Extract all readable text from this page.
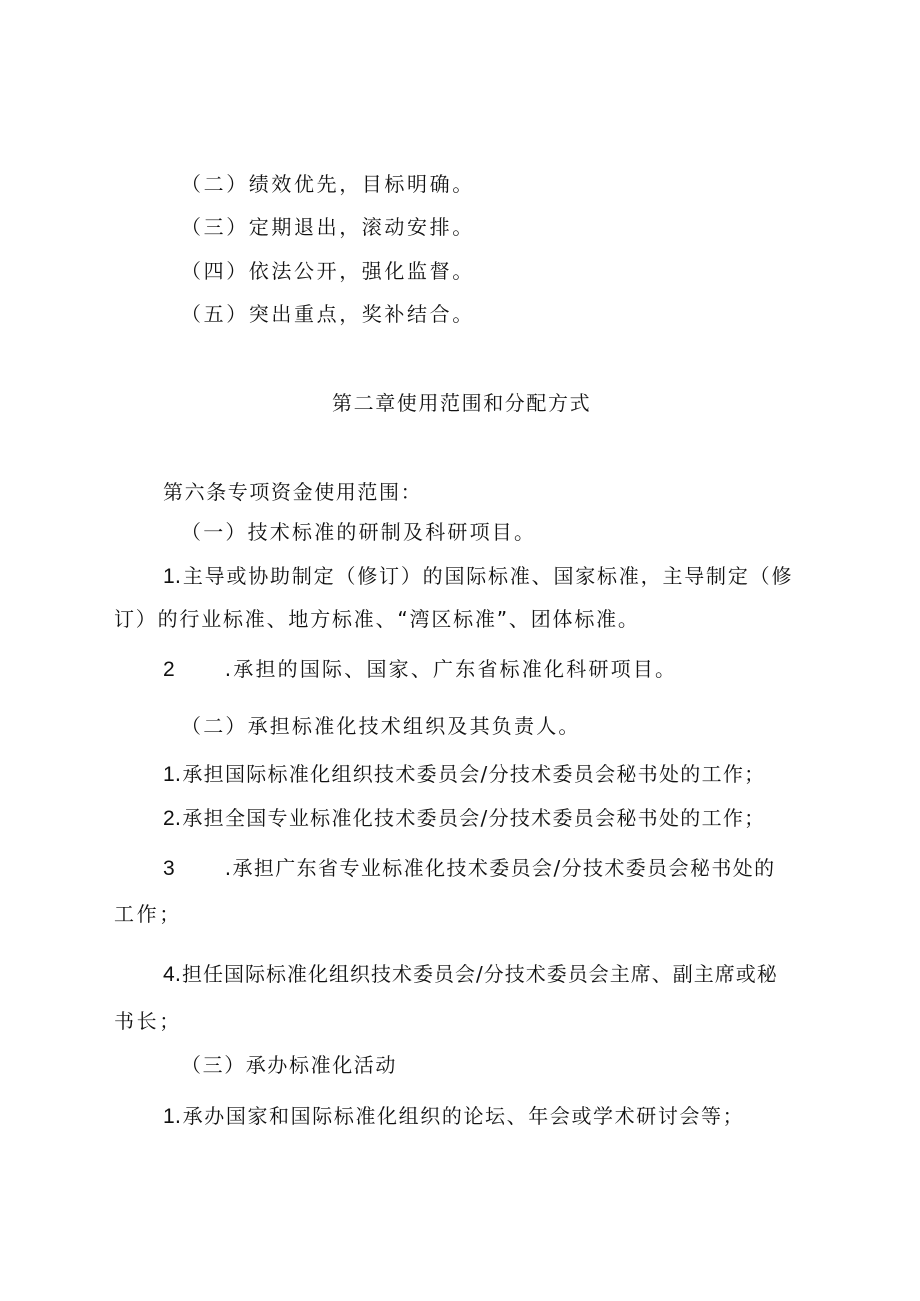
（二）绩效优先，目标明确。
（三）定期退出，滚动安排。
（四）依法公开，强化监督。
（五）突出重点，奖补结合。
第二章使用范围和分配方式
第六条专项资金使用范围：
（一）技术标准的研制及科研项目。
1.主导或协助制定（修订）的国际标准、国家标准，主导制定（修
订）的行业标准、地方标准、“湾区标准”、团体标准。
2	.承担的国际、国家、广东省标准化科研项目。
（二）承担标准化技术组织及其负责人。
1.承担国际标准化组织技术委员会/分技术委员会秘书处的工作；
2.承担全国专业标准化技术委员会/分技术委员会秘书处的工作；
3	.承担广东省专业标准化技术委员会/分技术委员会秘书处的
工作；
4.担任国际标准化组织技术委员会/分技术委员会主席、副主席或秘
书长；
（三）承办标准化活动
1.承办国家和国际标准化组织的论坛、年会或学术研讨会等；
